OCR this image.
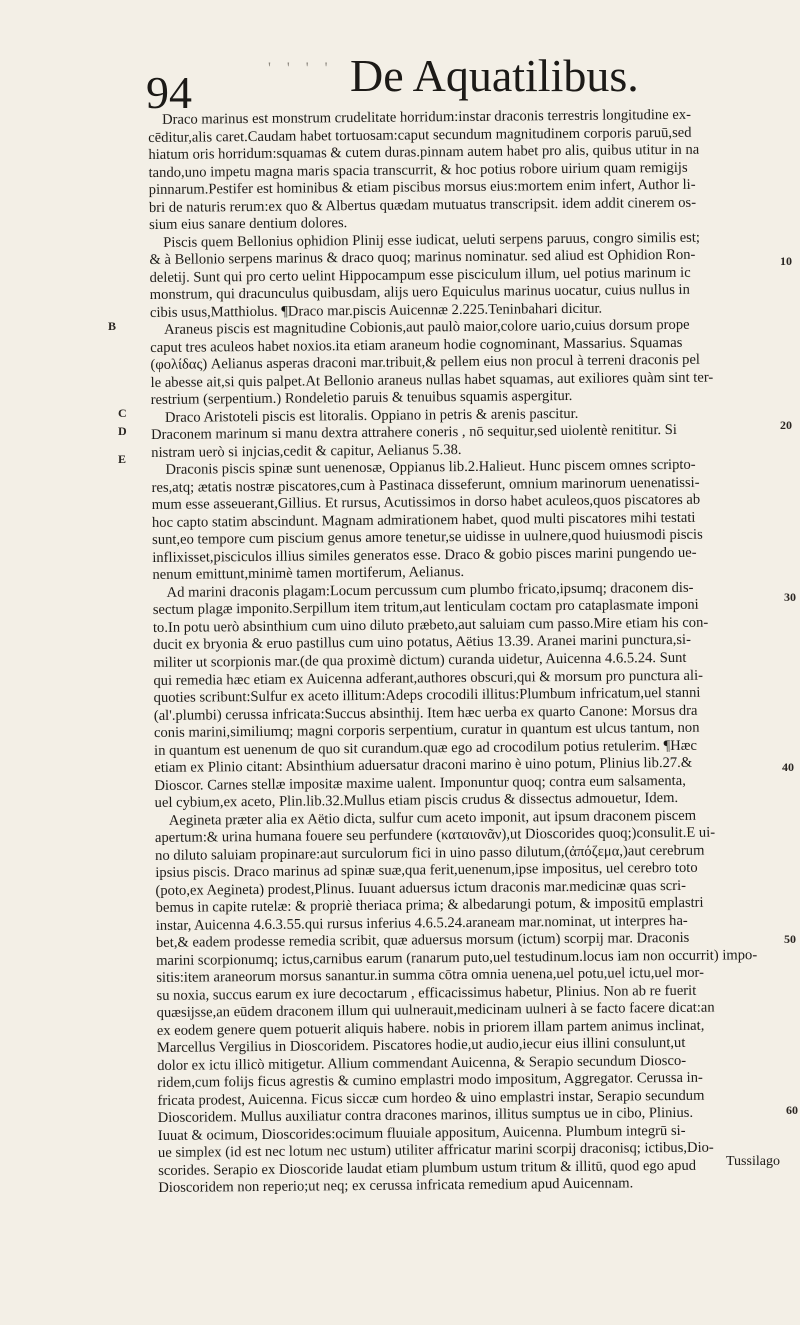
94	' ' ' ' De Aquatilibus.
Draco marinus est monstrum crudelitate horridum:instar draconis terrestris longitudine ex-
cēditur,alis caret.Caudam habet tortuosam:caput secundum magnitudinem corporis paruū,sed
hiatum oris horridum:squamas & cutem duras.pinnam autem habet pro alis, quibus utitur in na
tando,uno impetu magna maris spacia transcurrit, & hoc potius robore uirium quam remigijs
pinnarum.Pestifer est hominibus & etiam piscibus morsus eius:mortem enim infert, Author li-
bri de naturis rerum:ex quo & Albertus quædam mutuatus transcripsit. idem addit cinerem os-
sium eius sanare dentium dolores.
Piscis quem Bellonius ophidion Plinij esse iudicat, ueluti serpens paruus, congro similis est;
& à Bellonio serpens marinus & draco quoq; marinus nominatur. sed aliud est Ophidion Ron-
deletij. Sunt qui pro certo uelint Hippocampum esse pisciculum illum, uel potius marinum ic
monstrum, qui dracunculus quibusdam, alijs uero Equiculus marinus uocatur, cuius nullus in
cibis usus,Matthiolus. ¶Draco mar.piscis Auicennæ 2.225.Teninbahari dicitur.
Araneus piscis est magnitudine Cobionis,aut paulò maior,colore uario,cuius dorsum prope
caput tres aculeos habet noxios.ita etiam araneum hodie cognominant, Massarius. Squamas
(φολίδας) Aelianus asperas draconi mar.tribuit,& pellem eius non procul à terreni draconis pel
le abesse ait,si quis palpet.At Bellonio araneus nullas habet squamas, aut exiliores quàm sint ter-
restrium (serpentium.) Rondeletio paruis & tenuibus squamis aspergitur.
Draco Aristoteli piscis est litoralis. Oppiano in petris & arenis pascitur.
Draconem marinum si manu dextra attrahere coneris , nō sequitur,sed uiolentè renititur. Si
nistram uerò si injcias,cedit & capitur, Aelianus 5.38.
Draconis piscis spinæ sunt uenenosæ, Oppianus lib.2.Halieut. Hunc piscem omnes scripto-
res,atq; ætatis nostræ piscatores,cum à Pastinaca disseferunt, omnium marinorum uenenatissi-
mum esse asseuerant,Gillius. Et rursus, Acutissimos in dorso habet aculeos,quos piscatores ab
hoc capto statim abscindunt. Magnam admirationem habet, quod multi piscatores mihi testati
sunt,eo tempore cum piscium genus amore tenetur,se uidisse in uulnere,quod huiusmodi piscis
inflixisset,pisciculos illius similes generatos esse. Draco & gobio pisces marini pungendo ue-
nenum emittunt,minimè tamen mortiferum, Aelianus.
Ad marini draconis plagam:Locum percussum cum plumbo fricato,ipsumq; draconem dis-
sectum plagæ imponito.Serpillum item tritum,aut lenticulam coctam pro cataplasmate imponi
to.In potu uerò absinthium cum uino diluto præbeto,aut saluiam cum passo.Mire etiam his con-
ducit ex bryonia & eruo pastillus cum uino potatus, Aëtius 13.39. Aranei marini punctura,si-
militer ut scorpionis mar.(de qua proximè dictum) curanda uidetur, Auicenna 4.6.5.24. Sunt
qui remedia hæc etiam ex Auicenna adferant,authores obscuri,qui & morsum pro punctura ali-
quoties scribunt:Sulfur ex aceto illitum:Adeps crocodili illitus:Plumbum infricatum,uel stanni
(al'.plumbi) cerussa infricata:Succus absinthij. Item hæc uerba ex quarto Canone: Morsus dra
conis marini,similiumq; magni corporis serpentium, curatur in quantum est ulcus tantum, non
in quantum est uenenum de quo sit curandum.quæ ego ad crocodilum potius retulerim. ¶Hæc
etiam ex Plinio citant: Absinthium aduersatur draconi marino è uino potum, Plinius lib.27.&
Dioscor. Carnes stellæ impositæ maxime ualent. Imponuntur quoq; contra eum salsamenta,
uel cybium,ex aceto, Plin.lib.32.Mullus etiam piscis crudus & dissectus admouetur, Idem.
Aegineta præter alia ex Aëtio dicta, sulfur cum aceto imponit, aut ipsum draconem piscem
apertum:& urina humana fouere seu perfundere (καταιονᾶν),ut Dioscorides quoq;)consulit.E ui-
no diluto saluiam propinare:aut surculorum fici in uino passo dilutum,(ἀπόζεμα,)aut cerebrum
ipsius piscis. Draco marinus ad spinæ suæ,qua ferit,uenenum,ipse impositus, uel cerebro toto
(poto,ex Aegineta) prodest,Plinus. Iuuant aduersus ictum draconis mar.medicinæ quas scri-
bemus in capite rutelæ: & propriè theriaca prima; & albedarungi potum, & impositū emplastri
instar, Auicenna 4.6.3.55.qui rursus inferius 4.6.5.24.araneam mar.nominat, ut interpres ha-
bet,& eadem prodesse remedia scribit, quæ aduersus morsum (ictum) scorpij mar. Draconis
marini scorpionumq; ictus,carnibus earum (ranarum puto,uel testudinum.locus iam non occurrit) impo-
sitis:item araneorum morsus sanantur.in summa cōtra omnia uenena,uel potu,uel ictu,uel mor-
su noxia, succus earum ex iure decoctarum , efficacissimus habetur, Plinius. Non ab re fuerit
quæsijsse,an eūdem draconem illum qui uulnerauit,medicinam uulneri à se facto facere dicat:an
ex eodem genere quem potuerit aliquis habere. nobis in priorem illam partem animus inclinat,
Marcellus Vergilius in Dioscoridem. Piscatores hodie,ut audio,iecur eius illini consulunt,ut
dolor ex ictu illicò mitigetur. Allium commendant Auicenna, & Serapio secundum Diosco-
ridem,cum folijs ficus agrestis & cumino emplastri modo impositum, Aggregator. Cerussa in-
fricata prodest, Auicenna. Ficus siccæ cum hordeo & uino emplastri instar, Serapio secundum
Dioscoridem. Mullus auxiliatur contra dracones marinos, illitus sumptus ue in cibo, Plinius.
Iuuat & ocimum, Dioscorides:ocimum fluuiale appositum, Auicenna. Plumbum integrū si-
ue simplex (id est nec lotum nec ustum) utiliter affricatur marini scorpij draconisq; ictibus,Dio-
scorides. Serapio ex Dioscoride laudat etiam plumbum ustum tritum & illitū, quod ego apud
Dioscoridem non reperio;ut neq; ex cerussa infricata remedium apud Auicennam.
B
C
D
E
10
20
30
40
50
60
Tussilago
